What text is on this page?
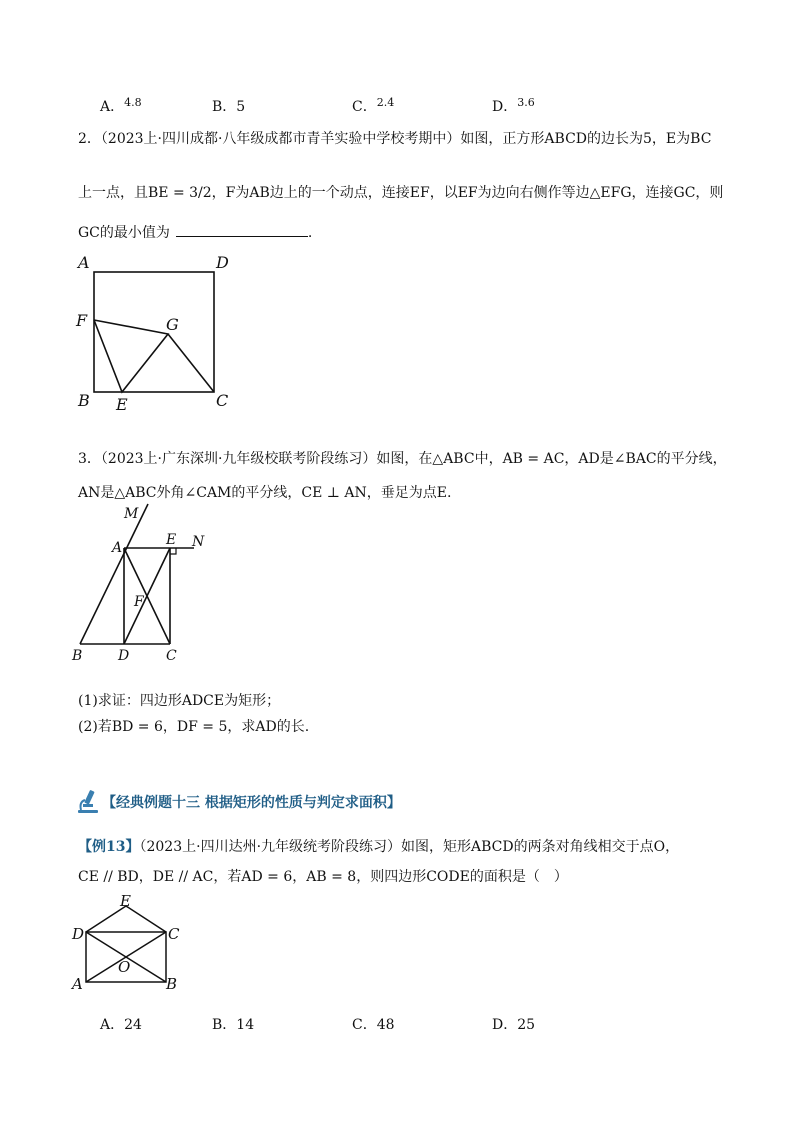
A．$^{4.8}$	B．5	C．$^{2.4}$	D．$^{3.6}$
2．（2023上·四川成都·八年级成都市青羊实验中学校考期中）如图，正方形ABCD的边长为5，E为BC
上一点，且BE = 3/2，F为AB边上的一个动点，连接EF，以EF为边向右侧作等边△EFG，连接GC，则
GC的最小值为	.
A	D
F	G
B E	C
3．（2023上·广东深圳·九年级校联考阶段练习）如图，在△ABC中，AB = AC，AD是∠BAC的平分线，
AN是△ABC外角∠CAM的平分线，CE ⊥ AN，垂足为点E.
M
A	E N
F
B	D	C
(1)求证：四边形ADCE为矩形；
(2)若BD = 6，DF = 5，求AD的长.
【经典例题十三 根据矩形的性质与判定求面积】
【例13】（2023上·四川达州·九年级统考阶段练习）如图，矩形ABCD的两条对角线相交于点O，
CE // BD，DE // AC，若AD = 6，AB = 8，则四边形CODE的面积是（　）
E
D	C
O
A	B
A．24	B．14	C．48	D．25
